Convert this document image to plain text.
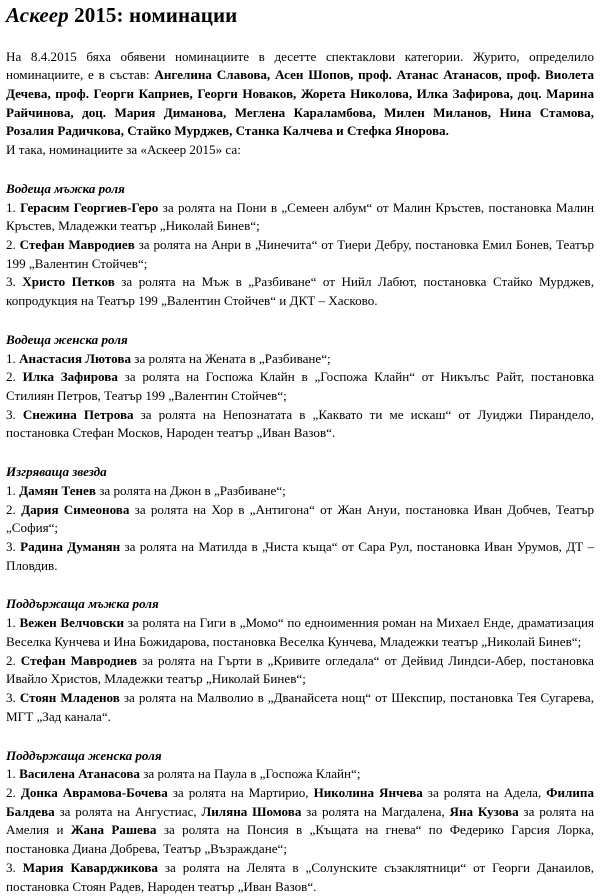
Аскеер 2015: номинации

На 8.4.2015 бяха обявени номинациите в десетте спектаклови категории. Журито, определило номинациите, е в състав: Ангелина Славова, Асен Шопов, проф. Атанас Атанасов, проф. Виолета Дечева, проф. Георги Каприев, Георги Новаков, Жорета Николова, Илка Зафирова, доц. Марина Райчинова, доц. Мария Диманова, Меглена Караламбова, Милен Миланов, Нина Стамова, Розалия Радичкова, Стайко Мурджев, Станка Калчева и Стефка Янорова.

И така, номинациите за «Аскеер 2015» са:

Водеща мъжка роля
1. Герасим Георгиев-Геро за ролята на Пони в „Семеен албум“ от Малин Кръстев, постановка Малин Кръстев, Младежки театър „Николай Бинев“;
2. Стефан Мавродиев за ролята на Анри в „Чинечита“ от Тиери Дебру, постановка Емил Бонев, Театър 199 „Валентин Стойчев“;
3. Христо Петков за ролята на Мъж в „Разбиване“ от Нийл Лабют, постановка Стайко Мурджев, копродукция на Театър 199 „Валентин Стойчев“ и ДКТ – Хасково.
Водеща женска роля
1. Анастасия Лютова за ролята на Жената в „Разбиване“;
2. Илка Зафирова за ролята на Госпожа Клайн в „Госпожа Клайн“ от Никълъс Райт, постановка Стилиян Петров, Театър 199 „Валентин Стойчев“;
3. Снежина Петрова за ролята на Непознатата в „Каквато ти ме искаш“ от Луиджи Пирандело, постановка Стефан Москов, Народен театър „Иван Вазов“.
Изгряваща звезда
1. Дамян Тенев за ролята на Джон в „Разбиване“;
2. Дария Симеонова за ролята на Хор в „Антигона“ от Жан Ануи, постановка Иван Добчев, Театър „София“;
3. Радина Думанян за ролята на Матилда в „Чиста къща“ от Сара Рул, постановка Иван Урумов, ДТ – Пловдив.
Поддържаща мъжка роля
1. Вежен Велчовски за ролята на Гиги в „Момо“ по едноименния роман на Михаел Енде, драматизация Веселка Кунчева и Ина Божидарова, постановка Веселка Кунчева, Младежки театър „Николай Бинев“;
2. Стефан Мавродиев за ролята на Гърти в „Кривите огледала“ от Дейвид Линдси-Абер, постановка Ивайло Христов, Младежки театър „Николай Бинев“;
3. Стоян Младенов за ролята на Малволио в „Дванайсета нощ“ от Шекспир, постановка Тея Сугарева, МГТ „Зад канала“.
Поддържаща женска роля
1. Василена Атанасова за ролята на Паула в „Госпожа Клайн“;
2. Донка Аврамова-Бочева за ролята на Мартирио, Николина Янчева за ролята на Адела, Филипа Балдева за ролята на Ангустиас, Лиляна Шомова за ролята на Магдалена, Яна Кузова за ролята на Амелия и Жана Рашева за ролята на Понсия в „Къщата на гнева“ по Федерико Гарсия Лорка, постановка Диана Добрева, Театър „Възраждане“;
3. Мария Каварджикова за ролята на Лелята в „Солунските съзаклятници“ от Георги Данаилов, постановка Стоян Радев, Народен театър „Иван Вазов“.
